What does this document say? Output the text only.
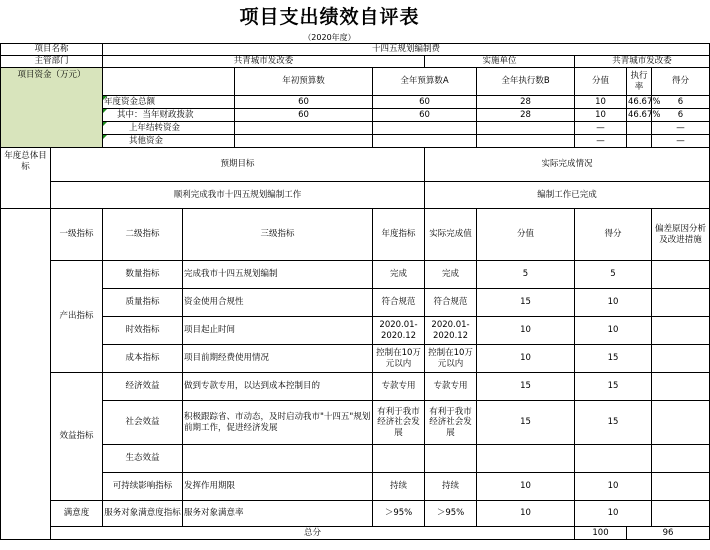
项目支出绩效自评表
（2020年度）
项目名称		十四五规划编制费									
主管部门		共青城市发改委				实施单位		共青城市发改委			
项目资金（万元）				年初预算数	全年预算数A		全年执行数B	分值	执行率	得分	
		年度资金总额		60	60		28	10	46.67%	6	
		其中：当年财政拨款		60	60		28	10	46.67%	6	
		上年结转资金						—		—	
		其他资金						—		—	
年度总体目标	预期目标					实际完成情况					
	顺利完成我市十四五规划编制工作					编制工作已完成					
	一级指标	二级指标	三级指标		年度指标	实际完成值	分值	得分		偏差原因分析及改进措施	
	产出指标	数量指标	完成我市十四五规划编制		完成	完成	5	5			
		质量指标	资金使用合规性		符合规范	符合规范	15	10			
		时效指标	项目起止时间		2020.01-2020.12	2020.01-2020.12	10	10			
		成本指标	项目前期经费使用情况		控制在10万元以内	控制在10万元以内	10	15			
	效益指标	经济效益	做到专款专用，以达到成本控制目的		专款专用	专款专用	15	15			
		社会效益	积极跟踪省、市动态，及时启动我市"十四五"规划前期工作，促进经济发展		有利于我市经济社会发展	有利于我市经济社会发展	15	15			
		生态效益									
		可持续影响指标	发挥作用期限		持续	持续	10	10			
	满意度	服务对象满意度指标	服务对象满意率		＞95%	＞95%	10	10			
	总分							100	96		
